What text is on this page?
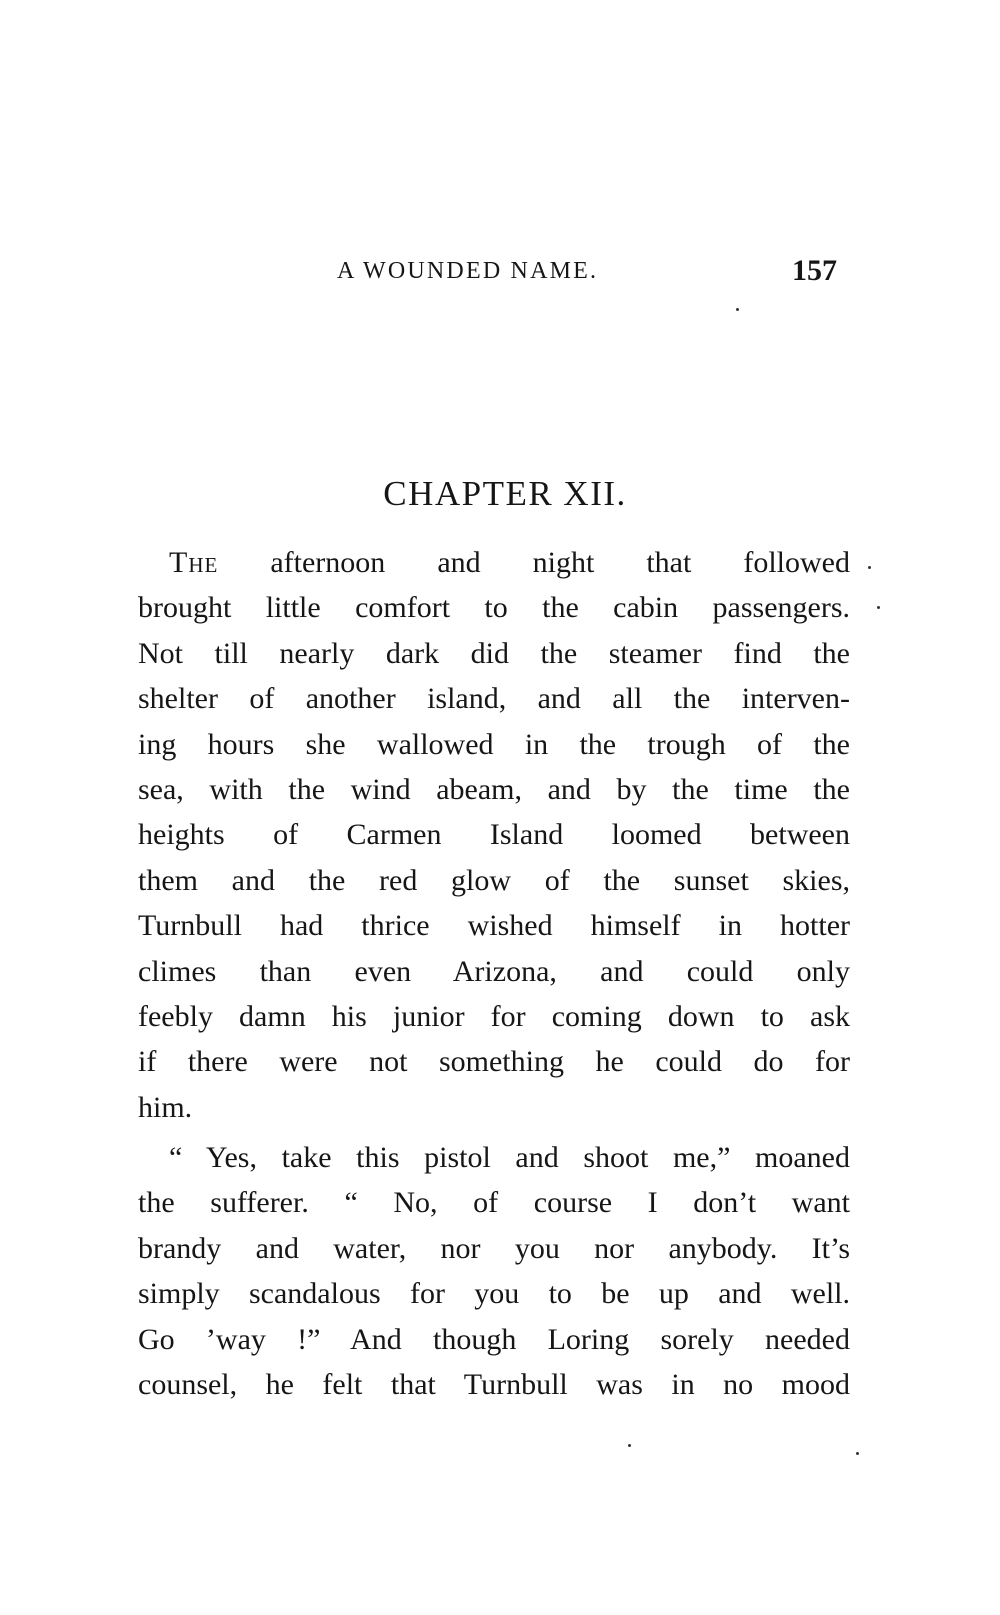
A WOUNDED NAME.	157
CHAPTER XII.
The afternoon and night that followed
brought little comfort to the cabin passengers.
Not till nearly dark did the steamer find the
shelter of another island, and all the interven-
ing hours she wallowed in the trough of the
sea, with the wind abeam, and by the time the
heights of Carmen Island loomed between
them and the red glow of the sunset skies,
Turnbull had thrice wished himself in hotter
climes than even Arizona, and could only
feebly damn his junior for coming down to ask
if there were not something he could do for
him.
“ Yes, take this pistol and shoot me,” moaned
the sufferer. “ No, of course I don’t want
brandy and water, nor you nor anybody. It’s
simply scandalous for you to be up and well.
Go ’way !” And though Loring sorely needed
counsel, he felt that Turnbull was in no mood
